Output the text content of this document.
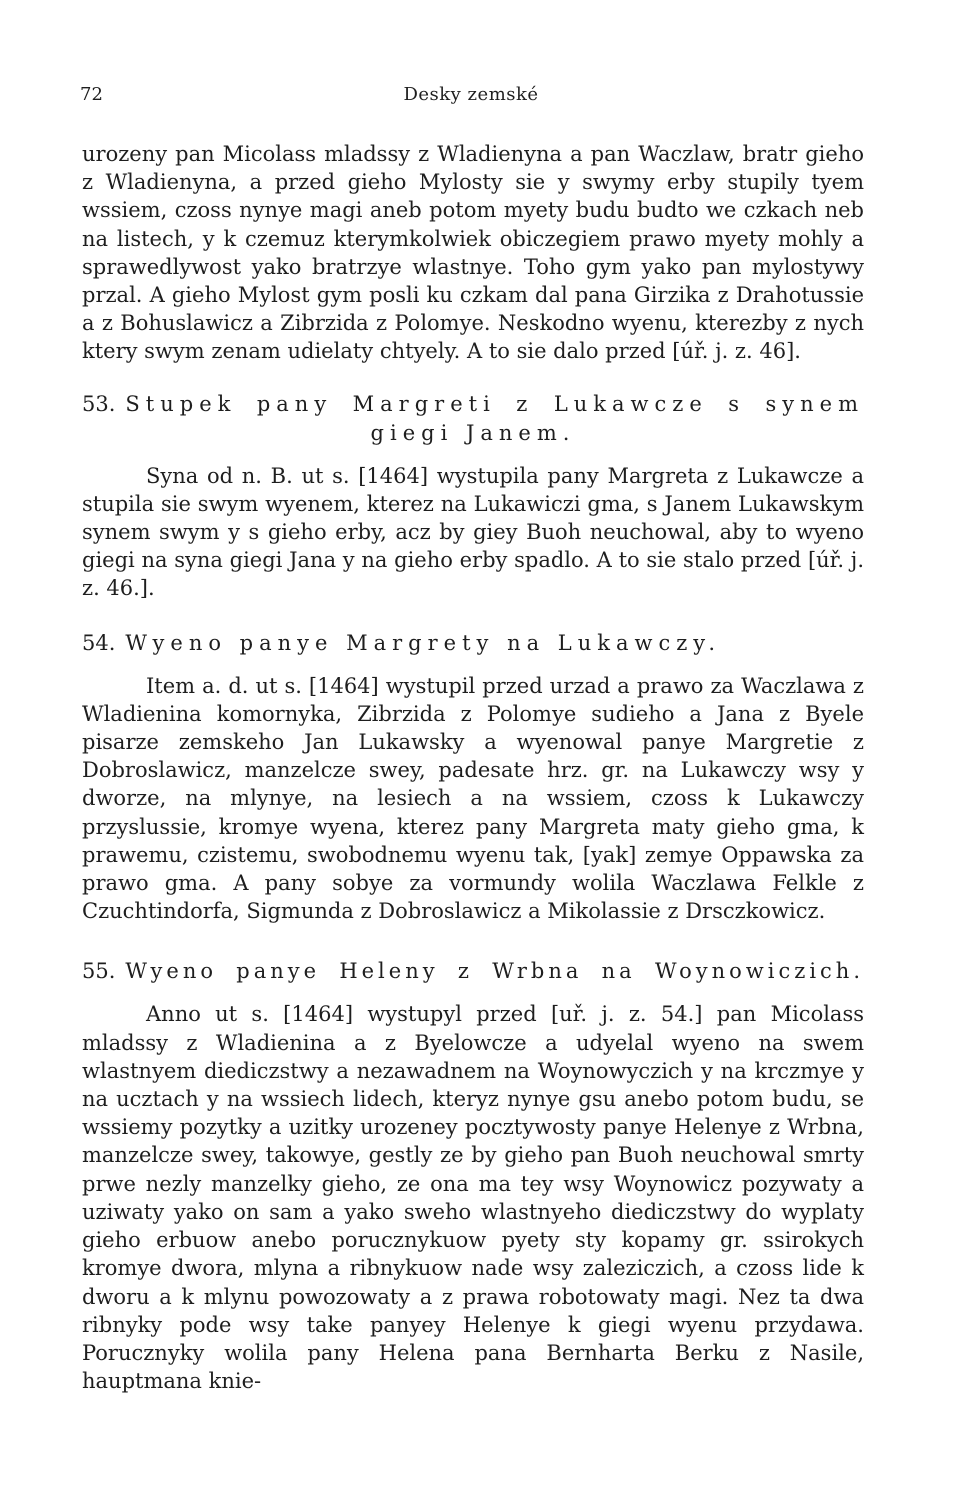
72	Desky zemské

urozeny pan Micolass mladssy z Wladienyna a pan Waczlaw, bratr gieho z Wladienyna, a przed gieho Mylosty sie y swymy erby stupily tyem wssiem, czoss nynye magi aneb potom myety budu budto we czkach neb na listech, y k czemuz kterymkolwiek obiczegiem prawo myety mohly a sprawedlywost yako bratrzye wlastnye. Toho gym yako pan mylostywy przal. A gieho Mylost gym posli ku czkam dal pana Girzika z Drahotussie a z Bohuslawicz a Zibrzida z Polomye. Neskodno wyenu, kterezby z nych ktery swym zenam udielaty chtyely. A to sie dalo przed [úř. j. z. 46].

53. Stupek pany Margreti z Lukawcze s synem
giegi Janem.

Syna od n. B. ut s. [1464] wystupila pany Margreta z Lukawcze a stupila sie swym wyenem, kterez na Lukawiczi gma, s Janem Lukawskym synem swym y s gieho erby, acz by giey Buoh neuchowal, aby to wyeno giegi na syna giegi Jana y na gieho erby spadlo. A to sie stalo przed [úř. j. z. 46.].

54. Wyeno panye Margrety na Lukawczy.

Item a. d. ut s. [1464] wystupil przed urzad a prawo za Waczlawa z Wladienina komornyka, Zibrzida z Polomye sudieho a Jana z Byele pisarze zemskeho Jan Lukawsky a wyenowal panye Margretie z Dobroslawicz, manzelcze swey, padesate hrz. gr. na Lukawczy wsy y dworze, na mlynye, na lesiech a na wssiem, czoss k Lukawczy przyslussie, kromye wyena, kterez pany Margreta maty gieho gma, k prawemu, czistemu, swobodnemu wyenu tak, [yak] zemye Oppawska za prawo gma. A pany sobye za vormundy wolila Waczlawa Felkle z Czuchtindorfa, Sigmunda z Dobroslawicz a Mikolassie z Drsczkowicz.

55. Wyeno panye Heleny z Wrbna na Woynowiczich.

Anno ut s. [1464] wystupyl przed [uř. j. z. 54.] pan Micolass mladssy z Wladienina a z Byelowcze a udyelal wyeno na swem wlastnyem diediczstwy a nezawadnem na Woynowyczich y na krczmye y na ucztach y na wssiech lidech, kteryz nynye gsu anebo potom budu, se wssiemy pozytky a uzitky urozeney pocztywosty panye Helenye z Wrbna, manzelcze swey, takowye, gestly ze by gieho pan Buoh neuchowal smrty prwe nezly manzelky gieho, ze ona ma tey wsy Woynowicz pozywaty a uziwaty yako on sam a yako sweho wlastnyeho diediczstwy do wyplaty gieho erbuow anebo porucznykuow pyety sty kopamy gr. ssirokych kromye dwora, mlyna a ribnykuow nade wsy zaleziczich, a czoss lide k dworu a k mlynu powozowaty a z prawa robotowaty magi. Nez ta dwa ribnyky pode wsy take panyey Helenye k giegi wyenu przydawa. Porucznyky wolila pany Helena pana Bernharta Berku z Nasile, hauptmana knie-
